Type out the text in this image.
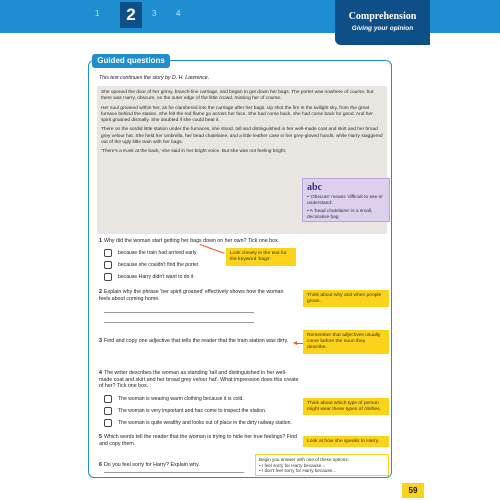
1	2	3 4	Comprehension
Giving your opinion
Guided questions
This text continues the story by D. H. Lawrence.

She opened the door of her grimy, branch-line carriage, and began to get down her bags. The porter was nowhere of course, but there was Harry, obscure, on the outer edge of the little crowd, missing her of course.

Her soul groaned within her, as he clambered into the carriage after her bags. Up shot the fire in the twilight sky, from the great furnace behind the station. She felt the red flame go across her face. She had come back, she had come back for good. And her spirit groaned dismally. She doubted if she could bear it.

There on the sordid little station under the furnaces, she stood, tall and distinguished in her well-made coat and skirt and her broad grey velour hat. She held her umbrella, her bead chatelaine, and a little leather case in her grey-gloved hands, while Harry staggered out of the ugly little train with her bags.

'There's a trunk at the back,' she said in her bright voice. But she was not feeling bright.

1 Why did the woman start getting her bags down on her own? Tick one box.
because the train had arrived early
because she couldn't find the porter
because Harry didn't want to do it
Look closely in the text for the keyword 'bags'.
abc
• 'Obscure' means 'difficult to see or understand'.
• A 'bead chatelaine' is a small, decorative bag.
2 Explain why the phrase 'her spirit groaned' effectively shows how the woman feels about coming home.
Think about why and when people groan.
3 Find and copy one adjective that tells the reader that the train station was dirty.
Remember that adjectives usually come before the noun they describe.
4 The writer describes the woman as standing 'tall and distinguished in her well-made coat and skirt and her broad grey velour hat'. What impression does this create of her? Tick one box.
The woman is wearing warm clothing because it is cold.
The woman is very important and has come to inspect the station.
The woman is quite wealthy and looks out of place in the dirty railway station.
Think about which type of person might wear these types of clothes.
5 Which words tell the reader that the woman is trying to hide her true feelings? Find and copy them.	Look at how she speaks to Harry.
6 Do you feel sorry for Harry? Explain why.
Begin you answer with one of these options:
• I feel sorry for Harry because...
• I don't feel sorry for Harry because...
59
